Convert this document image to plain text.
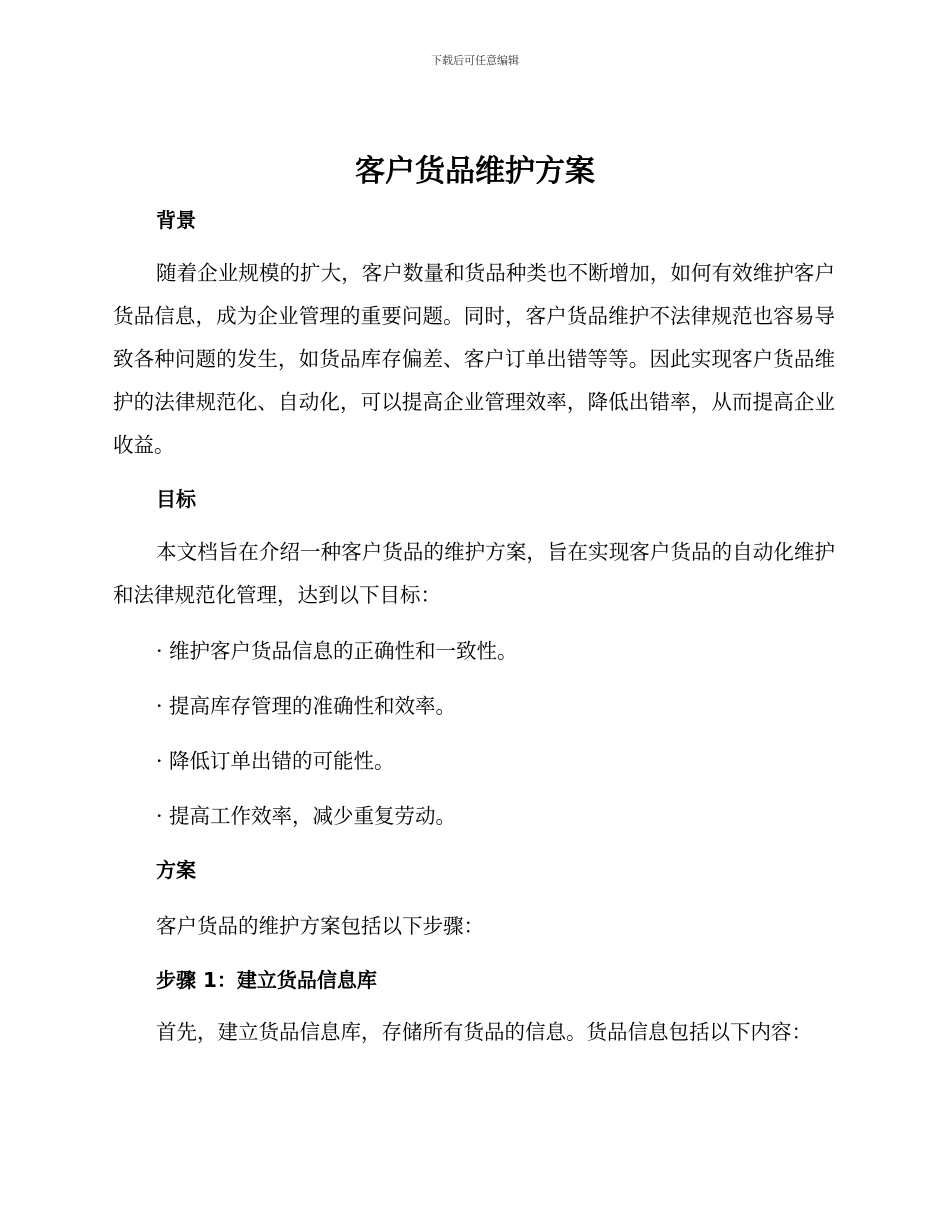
下载后可任意编辑
客户货品维护方案
背景

随着企业规模的扩大，客户数量和货品种类也不断增加，如何有效维护客户货品信息，成为企业管理的重要问题。同时，客户货品维护不法律规范也容易导致各种问题的发生，如货品库存偏差、客户订单出错等等。因此实现客户货品维护的法律规范化、自动化，可以提高企业管理效率，降低出错率，从而提高企业收益。

目标

本文档旨在介绍一种客户货品的维护方案，旨在实现客户货品的自动化维护和法律规范化管理，达到以下目标：

· 维护客户货品信息的正确性和一致性。
· 提高库存管理的准确性和效率。
· 降低订单出错的可能性。
· 提高工作效率，减少重复劳动。
方案
客户货品的维护方案包括以下步骤：
步骤 1：建立货品信息库

首先，建立货品信息库，存储所有货品的信息。货品信息包括以下内容：
